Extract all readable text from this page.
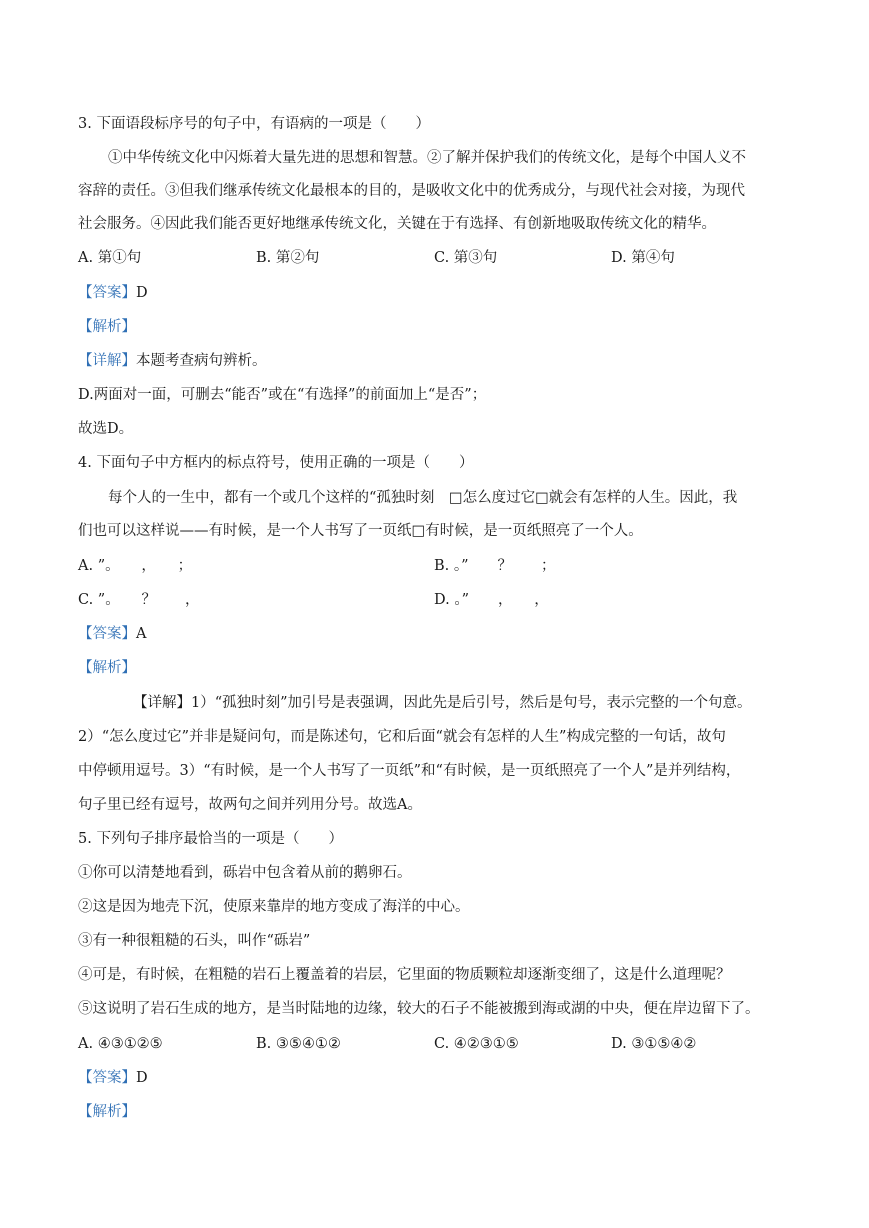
3. 下面语段标序号的句子中，有语病的一项是（　　）
①中华传统文化中闪烁着大量先进的思想和智慧。②了解并保护我们的传统文化，是每个中国人义不
容辞的责任。③但我们继承传统文化最根本的目的，是吸收文化中的优秀成分，与现代社会对接，为现代
社会服务。④因此我们能否更好地继承传统文化，关键在于有选择、有创新地吸取传统文化的精华。
A. 第①句	B. 第②句	C. 第③句	D. 第④句
【答案】D
【解析】
【详解】本题考查病句辨析。
D.两面对一面，可删去“能否”或在“有选择”的前面加上“是否”；
故选D。
4. 下面句子中方框内的标点符号，使用正确的一项是（　　）
每个人的一生中，都有一个或几个这样的“孤独时刻　□怎么度过它□就会有怎样的人生。因此，我
们也可以这样说——有时候，是一个人书写了一页纸□有时候，是一页纸照亮了一个人。
A. ”。　　，　　；	B. 。”　　？　　；
C. ”。　　？　　，	D. 。”　　，　　，
【答案】A
【解析】
【详解】1）“孤独时刻”加引号是表强调，因此先是后引号，然后是句号，表示完整的一个句意。
2）“怎么度过它”并非是疑问句，而是陈述句，它和后面“就会有怎样的人生”构成完整的一句话，故句
中停顿用逗号。3）“有时候，是一个人书写了一页纸”和“有时候，是一页纸照亮了一个人”是并列结构，
句子里已经有逗号，故两句之间并列用分号。故选A。
5. 下列句子排序最恰当的一项是（　　）
①你可以清楚地看到，砾岩中包含着从前的鹅卵石。
②这是因为地壳下沉，使原来靠岸的地方变成了海洋的中心。
③有一种很粗糙的石头，叫作“砾岩”
④可是，有时候，在粗糙的岩石上覆盖着的岩层，它里面的物质颗粒却逐渐变细了，这是什么道理呢？
⑤这说明了岩石生成的地方，是当时陆地的边缘，较大的石子不能被搬到海或湖的中央，便在岸边留下了。
A. ④③①②⑤	B. ③⑤④①②	C. ④②③①⑤	D. ③①⑤④②
【答案】D
【解析】
